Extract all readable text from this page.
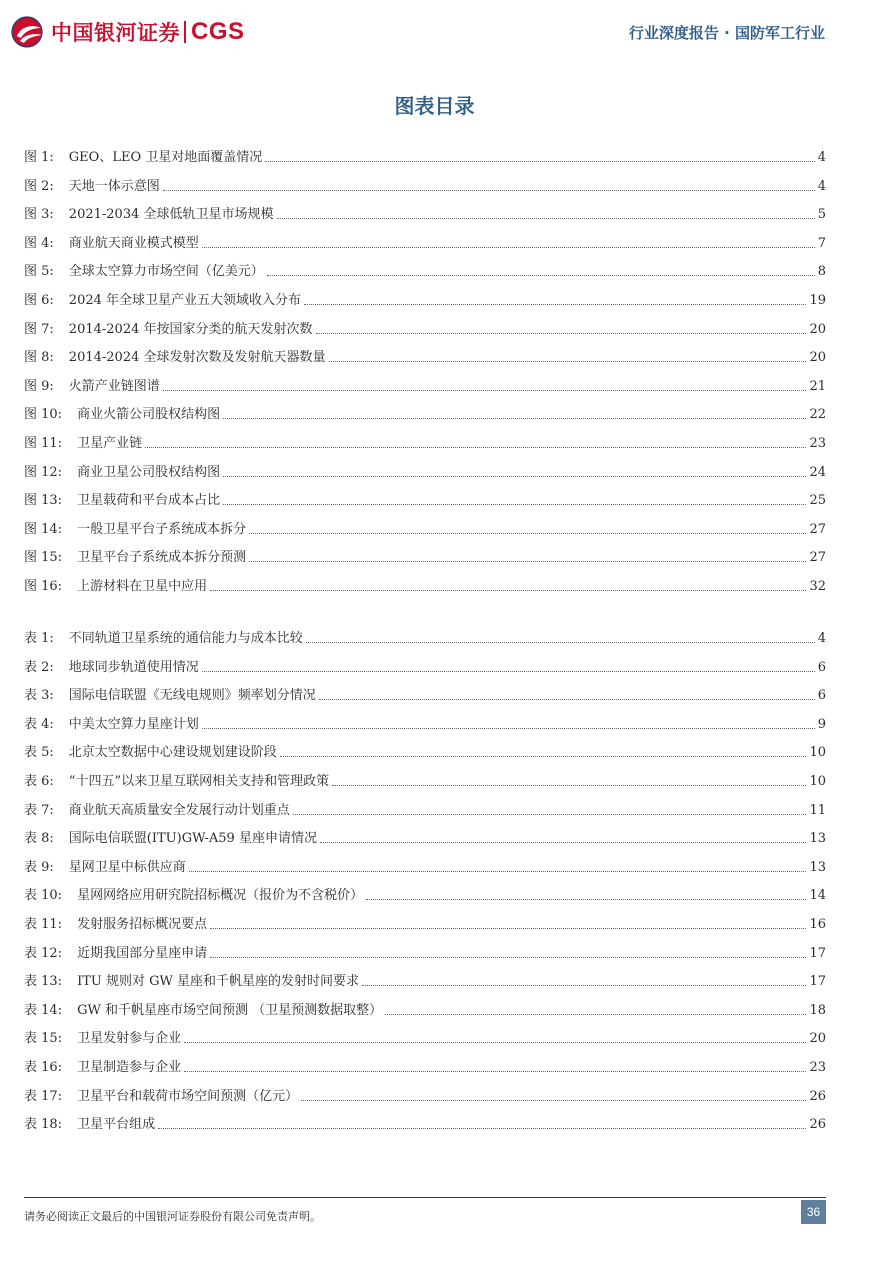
中国银河证券 CGS	行业深度报告 · 国防军工行业
图表目录
图 1: GEO、LEO 卫星对地面覆盖情况	4
图 2: 天地一体示意图	4
图 3: 2021-2034 全球低轨卫星市场规模	5
图 4: 商业航天商业模式模型	7
图 5: 全球太空算力市场空间（亿美元）	8
图 6: 2024 年全球卫星产业五大领域收入分布	19
图 7: 2014-2024 年按国家分类的航天发射次数	20
图 8: 2014-2024 全球发射次数及发射航天器数量	20
图 9: 火箭产业链图谱	21
图 10: 商业火箭公司股权结构图	22
图 11: 卫星产业链	23
图 12: 商业卫星公司股权结构图	24
图 13: 卫星载荷和平台成本占比	25
图 14: 一般卫星平台子系统成本拆分	27
图 15: 卫星平台子系统成本拆分预测	27
图 16: 上游材料在卫星中应用	32
表 1: 不同轨道卫星系统的通信能力与成本比较	4
表 2: 地球同步轨道使用情况	6
表 3: 国际电信联盟《无线电规则》频率划分情况	6
表 4: 中美太空算力星座计划	9
表 5: 北京太空数据中心建设规划建设阶段	10
表 6: “十四五”以来卫星互联网相关支持和管理政策	10
表 7: 商业航天高质量安全发展行动计划重点	11
表 8: 国际电信联盟(ITU)GW-A59 星座申请情况	13
表 9: 星网卫星中标供应商	13
表 10: 星网网络应用研究院招标概况（报价为不含税价）	14
表 11: 发射服务招标概况要点	16
表 12: 近期我国部分星座申请	17
表 13: ITU 规则对 GW 星座和千帆星座的发射时间要求	17
表 14: GW 和千帆星座市场空间预测 （卫星预测数据取整）	18
表 15: 卫星发射参与企业	20
表 16: 卫星制造参与企业	23
表 17: 卫星平台和载荷市场空间预测（亿元）	26
表 18: 卫星平台组成	26
请务必阅读正文最后的中国银河证券股份有限公司免责声明。	36
